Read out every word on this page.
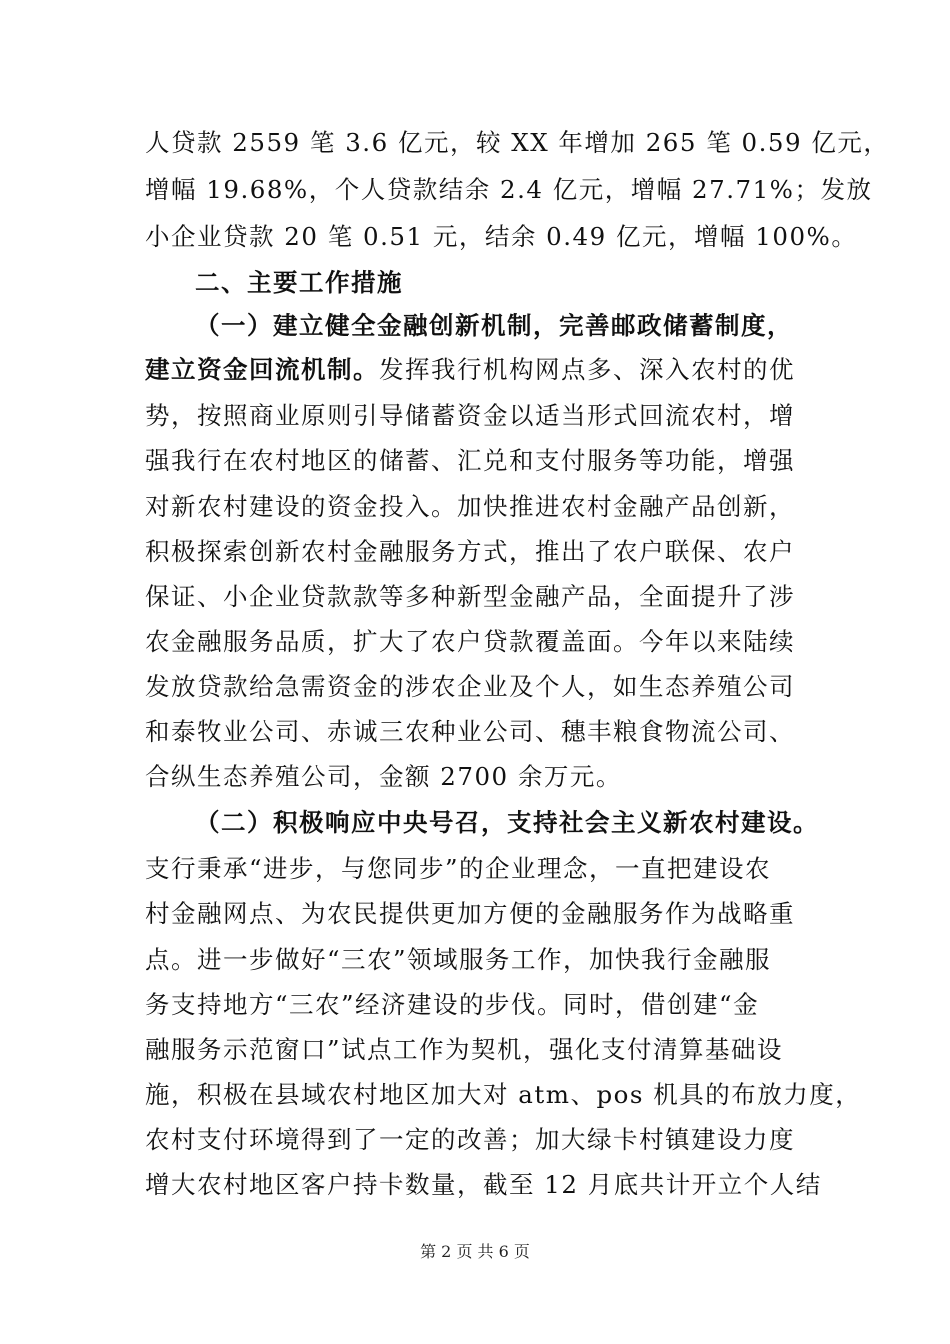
人贷款 2559 笔 3.6 亿元，较 XX 年增加 265 笔 0.59 亿元，
增幅 19.68%，个人贷款结余 2.4 亿元，增幅 27.71%；发放
小企业贷款 20 笔 0.51 元，结余 0.49 亿元，增幅 100%。
二、主要工作措施
（一）建立健全金融创新机制，完善邮政储蓄制度，
建立资金回流机制。发挥我行机构网点多、深入农村的优
势，按照商业原则引导储蓄资金以适当形式回流农村，增
强我行在农村地区的储蓄、汇兑和支付服务等功能，增强
对新农村建设的资金投入。加快推进农村金融产品创新，
积极探索创新农村金融服务方式，推出了农户联保、农户
保证、小企业贷款款等多种新型金融产品，全面提升了涉
农金融服务品质，扩大了农户贷款覆盖面。今年以来陆续
发放贷款给急需资金的涉农企业及个人，如生态养殖公司
和泰牧业公司、赤诚三农种业公司、穗丰粮食物流公司、
合纵生态养殖公司，金额 2700 余万元。
（二）积极响应中央号召，支持社会主义新农村建设。
支行秉承“进步，与您同步”的企业理念，一直把建设农
村金融网点、为农民提供更加方便的金融服务作为战略重
点。进一步做好“三农”领域服务工作，加快我行金融服
务支持地方“三农”经济建设的步伐。同时，借创建“金
融服务示范窗口”试点工作为契机，强化支付清算基础设
施，积极在县域农村地区加大对 atm、pos 机具的布放力度，
农村支付环境得到了一定的改善；加大绿卡村镇建设力度
增大农村地区客户持卡数量，截至 12 月底共计开立个人结
第 2 页 共 6 页
